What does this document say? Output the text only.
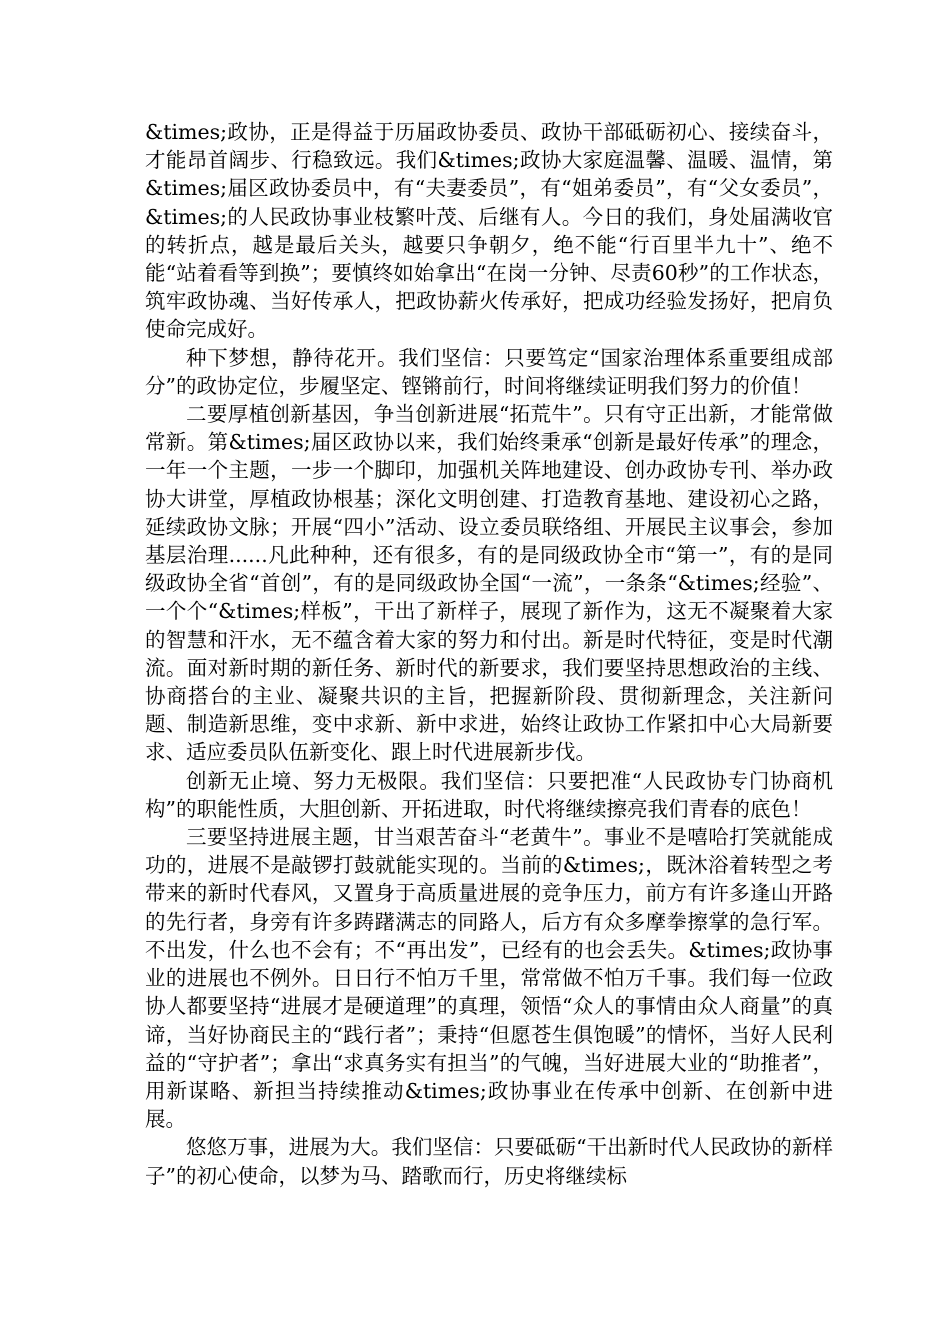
&times;政协，正是得益于历届政协委员、政协干部砥砺初心、接续奋斗，才能昂首阔步、行稳致远。我们&times;政协大家庭温馨、温暖、温情，第&times;届区政协委员中，有“夫妻委员”，有“姐弟委员”，有“父女委员”，&times;的人民政协事业枝繁叶茂、后继有人。今日的我们，身处届满收官的转折点，越是最后关头，越要只争朝夕，绝不能“行百里半九十”、绝不能“站着看等到换”；要慎终如始拿出“在岗一分钟、尽责60秒”的工作状态，筑牢政协魂、当好传承人，把政协薪火传承好，把成功经验发扬好，把肩负使命完成好。

种下梦想，静待花开。我们坚信：只要笃定“国家治理体系重要组成部分”的政协定位，步履坚定、铿锵前行，时间将继续证明我们努力的价值！

二要厚植创新基因，争当创新进展“拓荒牛”。只有守正出新，才能常做常新。第&times;届区政协以来，我们始终秉承“创新是最好传承”的理念，一年一个主题，一步一个脚印，加强机关阵地建设、创办政协专刊、举办政协大讲堂，厚植政协根基；深化文明创建、打造教育基地、建设初心之路，延续政协文脉；开展“四小”活动、设立委员联络组、开展民主议事会，参加基层治理......凡此种种，还有很多，有的是同级政协全市“第一”，有的是同级政协全省“首创”，有的是同级政协全国“一流”，一条条“&times;经验”、一个个“&times;样板”，干出了新样子，展现了新作为，这无不凝聚着大家的智慧和汗水，无不蕴含着大家的努力和付出。新是时代特征，变是时代潮流。面对新时期的新任务、新时代的新要求，我们要坚持思想政治的主线、协商搭台的主业、凝聚共识的主旨，把握新阶段、贯彻新理念，关注新问题、制造新思维，变中求新、新中求进，始终让政协工作紧扣中心大局新要求、适应委员队伍新变化、跟上时代进展新步伐。

创新无止境、努力无极限。我们坚信：只要把准“人民政协专门协商机构”的职能性质，大胆创新、开拓进取，时代将继续擦亮我们青春的底色！

三要坚持进展主题，甘当艰苦奋斗“老黄牛”。事业不是嘻哈打笑就能成功的，进展不是敲锣打鼓就能实现的。当前的&times;，既沐浴着转型之考带来的新时代春风，又置身于高质量进展的竞争压力，前方有许多逢山开路的先行者，身旁有许多踌躇满志的同路人，后方有众多摩拳擦掌的急行军。不出发，什么也不会有；不“再出发”，已经有的也会丢失。&times;政协事业的进展也不例外。日日行不怕万千里，常常做不怕万千事。我们每一位政协人都要坚持“进展才是硬道理”的真理，领悟“众人的事情由众人商量”的真谛，当好协商民主的“践行者”；秉持“但愿苍生俱饱暖”的情怀，当好人民利益的“守护者”；拿出“求真务实有担当”的气魄，当好进展大业的“助推者”，用新谋略、新担当持续推动&times;政协事业在传承中创新、在创新中进展。

悠悠万事，进展为大。我们坚信：只要砥砺“干出新时代人民政协的新样子”的初心使命，以梦为马、踏歌而行，历史将继续标
